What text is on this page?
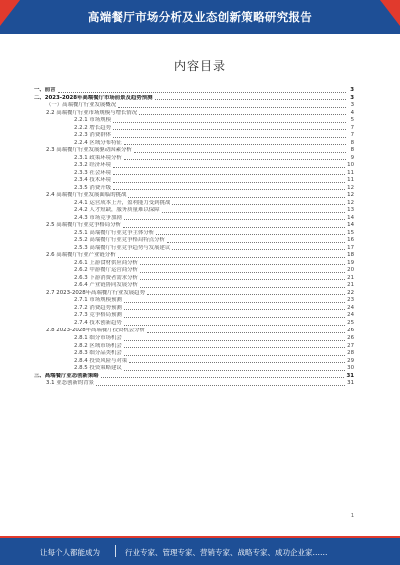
高端餐厅市场分析及业态创新策略研究报告
内容目录
一、前言	3
二、2023-2028年高端餐厅市场前景及趋势预测	3
（一）高端餐厅行业发展概况	3
2.2 高端餐厅行业市场规模与增长情况	4
2.2.1 市场规模	5
2.2.2 增长趋势	7
2.2.3 消费群体	7
2.2.4 区域分布特征	8
2.3 高端餐厅行业发展驱动因素分析	8
2.3.1 政策环境分析	9
2.3.2 经济环境	10
2.3.3 社会环境	11
2.3.4 技术环境	11
2.3.5 消费升级	12
2.4 高端餐厅行业发展面临的挑战	12
2.4.1 运营成本上升，盈利能力受到挑战	12
2.4.2 人才短缺，服务质量难以保障	13
2.4.3 市场竞争加剧	14
2.5 高端餐厅行业竞争格局分析	14
2.5.1 高端餐厅行业竞争主体分析	15
2.5.2 高端餐厅行业竞争格局特点分析	16
2.5.3 高端餐厅行业竞争趋势与发展建议	17
2.6 高端餐厅行业产业链分析	18
2.6.1 上游食材供应商分析	19
2.6.2 中游餐厅运营商分析	20
2.6.3 下游消费者需求分析	21
2.6.4 产业链协同发展分析	21
2.7 2023-2028年高端餐厅行业发展趋势	22
2.7.1 市场规模预测	23
2.7.2 消费趋势预测	24
2.7.3 竞争格局预测	24
2.7.4 技术创新趋势	25
2.8 2023-2028年高端餐厅投资机会分析	26
2.8.1 细分市场机会	26
2.8.2 区域市场机会	27
2.8.3 细分品类机会	28
2.8.4 投资风险与对策	29
2.8.5 投资策略建议	30
三、高端餐厅业态创新策略	31
3.1 业态创新的背景	31
1
让每个人都能成为	行业专家、管理专家、营销专家、战略专家、成功企业家……
